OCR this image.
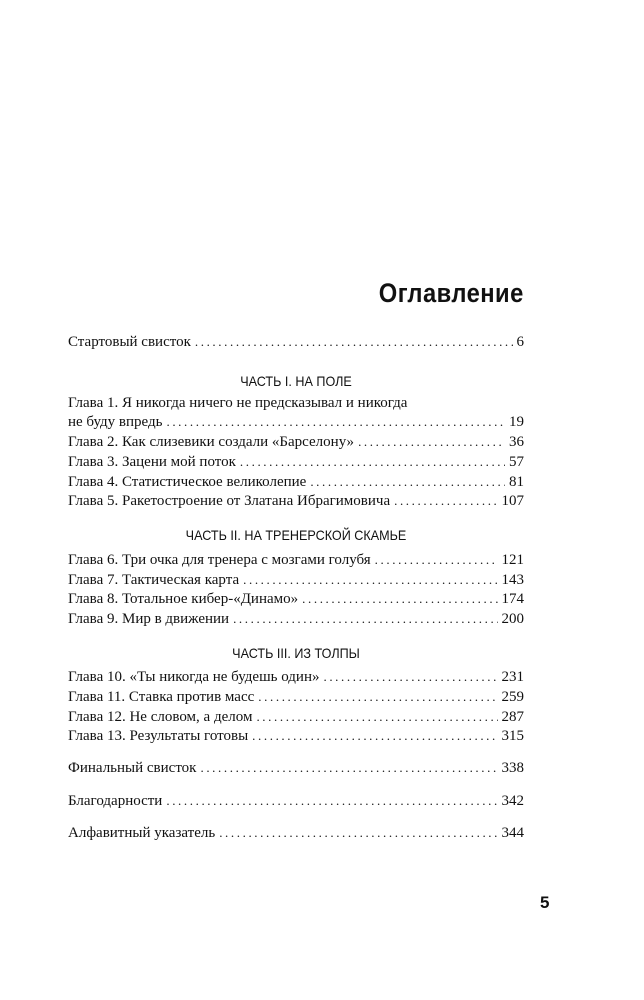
Оглавление
Стартовый свисток .....	6
ЧАСТЬ I. НА ПОЛЕ
Глава 1. Я никогда ничего не предсказывал и никогда
не буду впредь .....	19
Глава 2. Как слизевики создали «Барселону» .....	36
Глава 3. Зацени мой поток .....	57
Глава 4. Статистическое великолепие .....	81
Глава 5. Ракетостроение от Златана Ибрагимовича .....	107
ЧАСТЬ II. НА ТРЕНЕРСКОЙ СКАМЬЕ
Глава 6. Три очка для тренера с мозгами голубя .....	121
Глава 7. Тактическая карта .....	143
Глава 8. Тотальное кибер-«Динамо» .....	174
Глава 9. Мир в движении .....	200
ЧАСТЬ III. ИЗ ТОЛПЫ
Глава 10. «Ты никогда не будешь один» .....	231
Глава 11. Ставка против масс .....	259
Глава 12. Не словом, а делом .....	287
Глава 13. Результаты готовы .....	315
Финальный свисток .....	338
Благодарности .....	342
Алфавитный указатель .....	344
5
